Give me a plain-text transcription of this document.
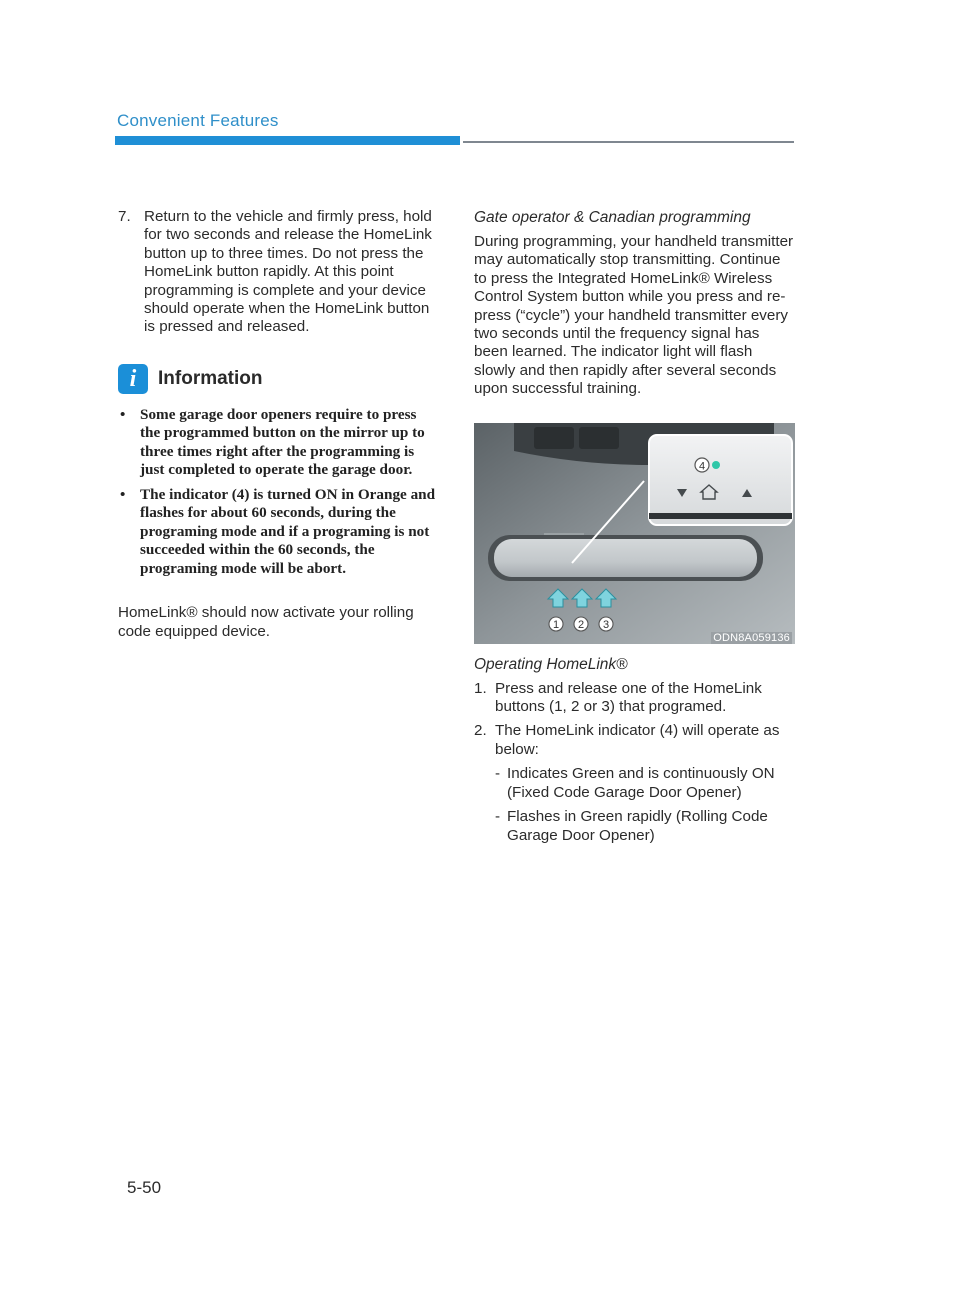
Convenient Features
7. Return to the vehicle and firmly press, hold for two seconds and release the HomeLink button up to three times. Do not press the HomeLink button rapidly. At this point programming is complete and your device should operate when the HomeLink button is pressed and released.
i	Information
• Some garage door openers require to press the programmed button on the mirror up to three times right after the programming is just completed to operate the garage door.
• The indicator (4) is turned ON in Orange and flashes for about 60 seconds, during the programing mode and if a programing is not succeeded within the 60 seconds, the programing mode will be abort.
HomeLink® should now activate your rolling code equipped device.
Gate operator & Canadian programming
During programming, your handheld transmitter may automatically stop transmitting. Continue to press the Integrated HomeLink® Wireless Control System button while you press and re-press (“cycle”) your handheld transmitter every two seconds until the frequency signal has been learned. The indicator light will flash slowly and then rapidly after several seconds upon successful training.
4
1 2 3
ODN8A059136
Operating HomeLink®
1. Press and release one of the HomeLink buttons (1, 2 or 3) that programed.
2. The HomeLink indicator (4) will operate as below:
- Indicates Green and is continuously ON (Fixed Code Garage Door Opener)
- Flashes in Green rapidly (Rolling Code Garage Door Opener)
5-50
